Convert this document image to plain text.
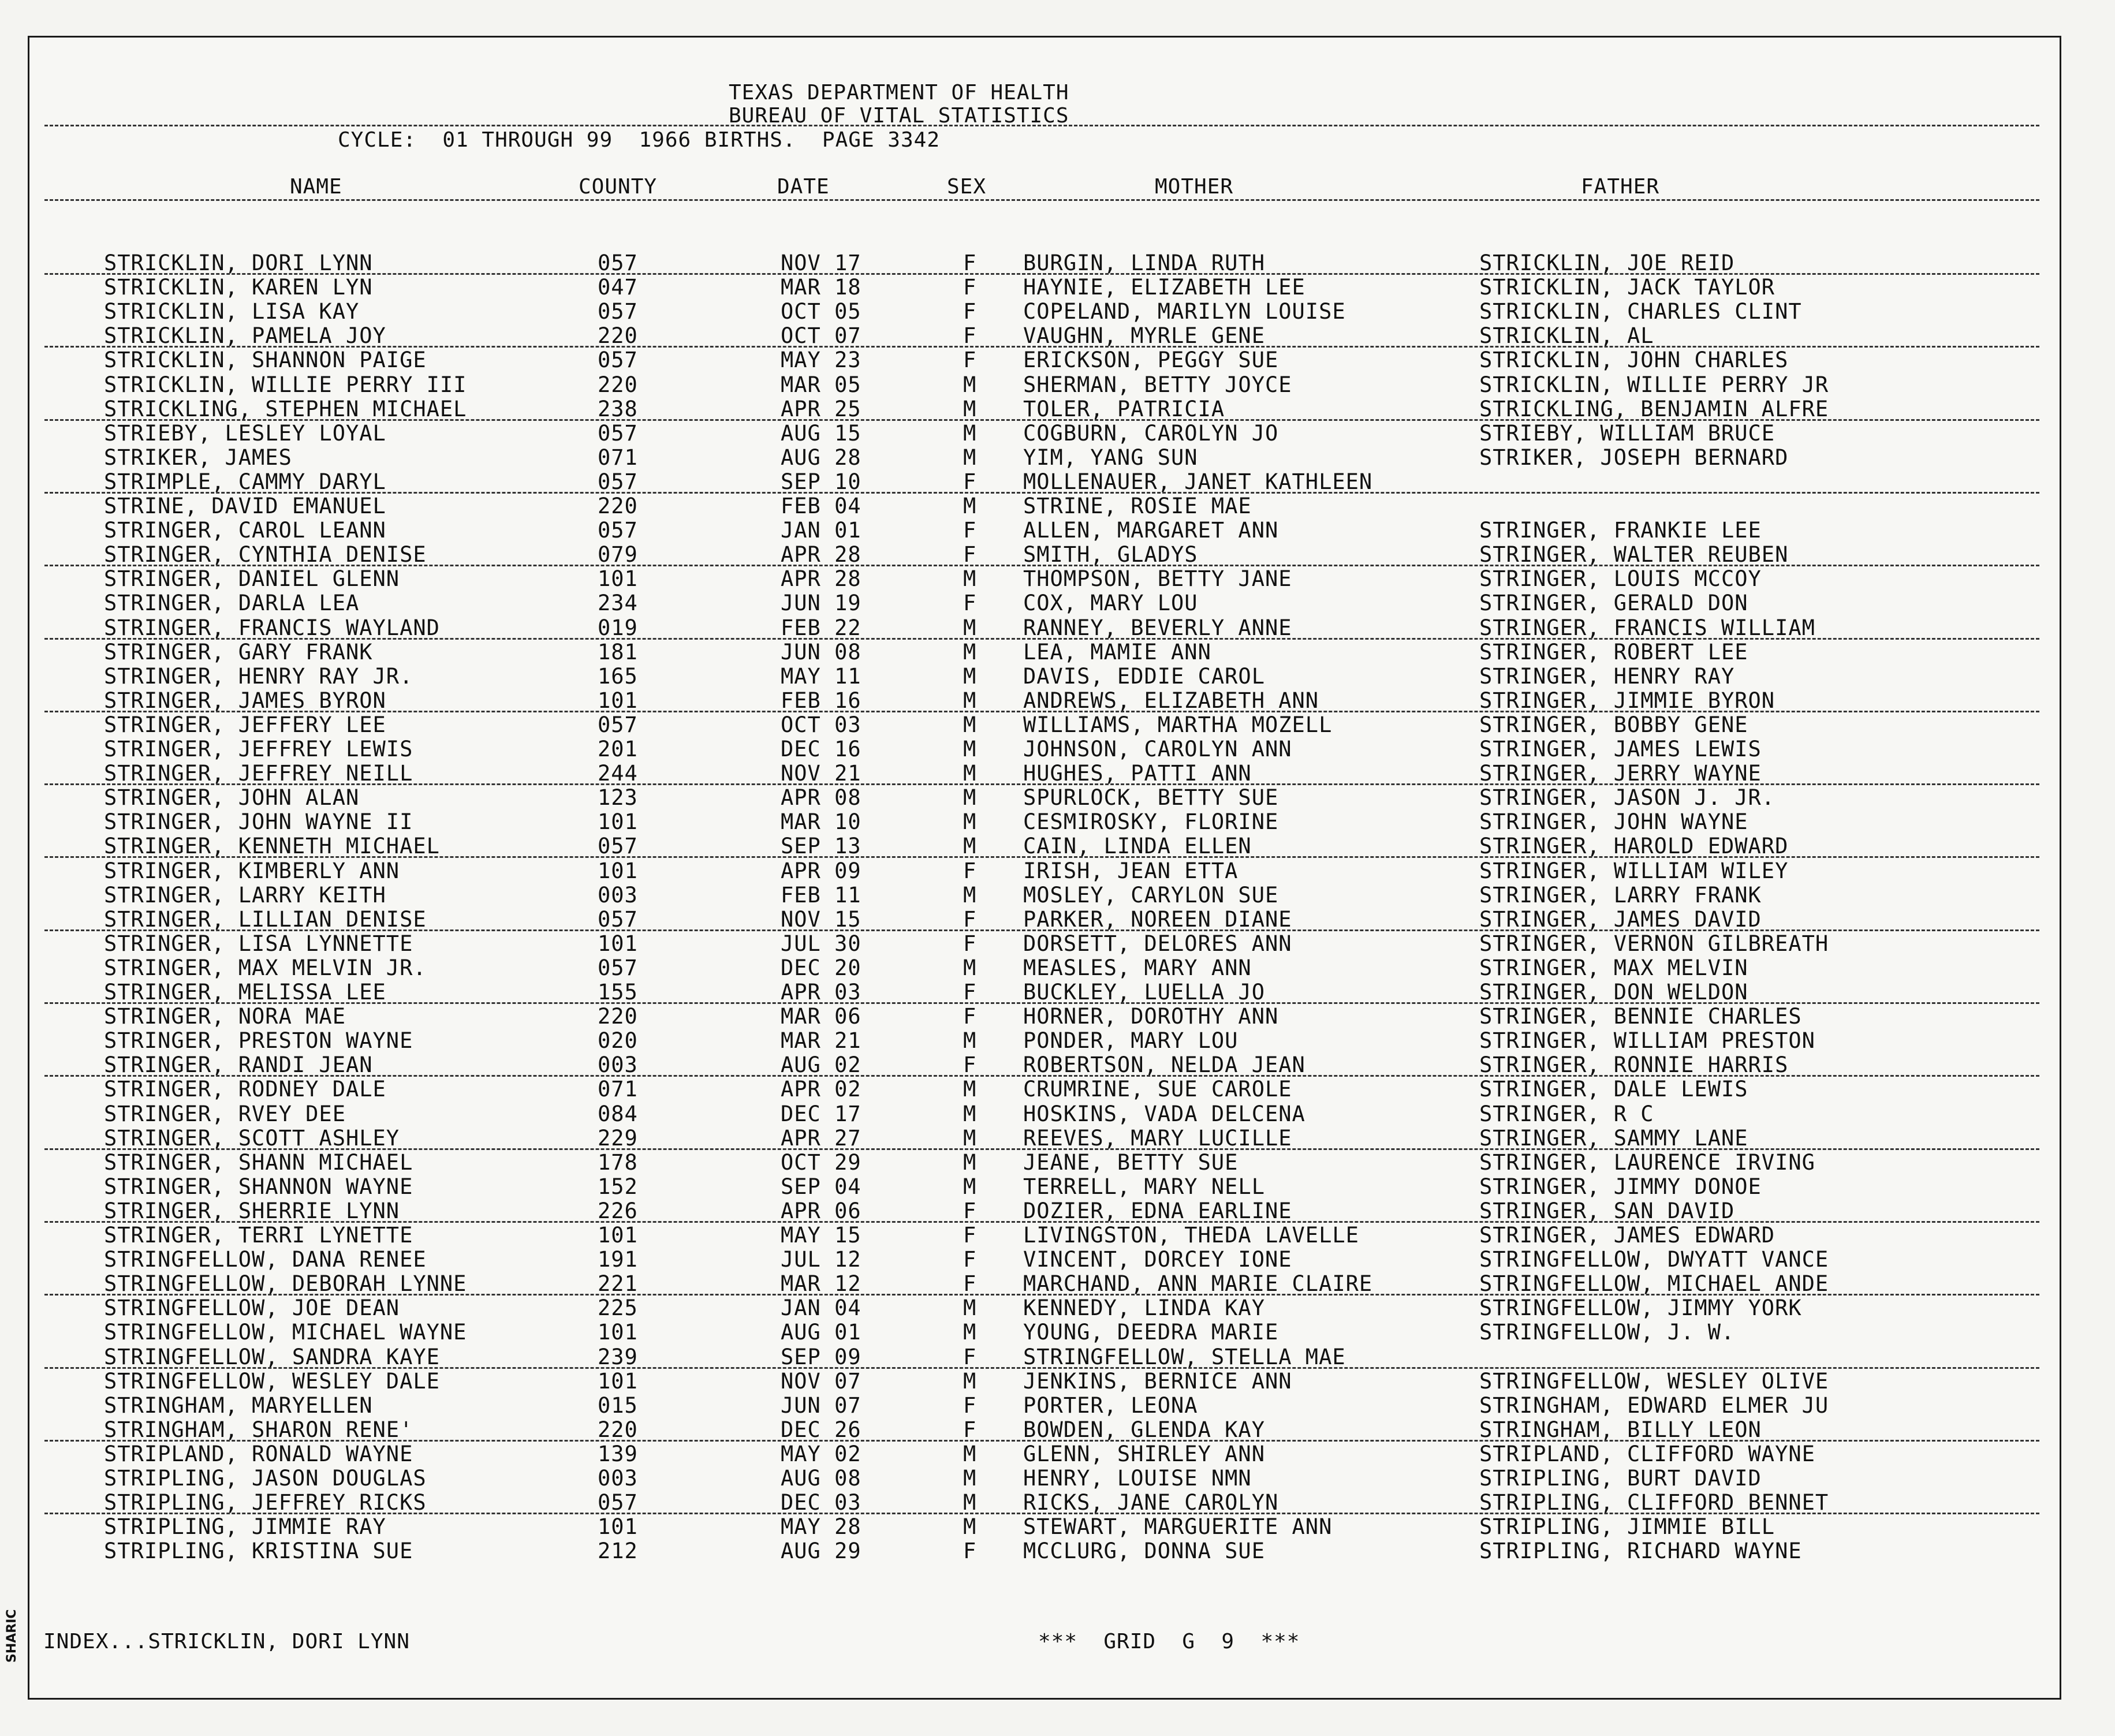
TEXAS DEPARTMENT OF HEALTH
BUREAU OF VITAL STATISTICS
CYCLE:  01 THROUGH 99  1966 BIRTHS.  PAGE 3342
NAME	COUNTY	DATE	SEX	MOTHER	FATHER
STRICKLIN, DORI LYNN	057	NOV 17	F BURGIN, LINDA RUTH	STRICKLIN, JOE REID
STRICKLIN, KAREN LYN	047	MAR 18	F HAYNIE, ELIZABETH LEE	STRICKLIN, JACK TAYLOR
STRICKLIN, LISA KAY	057	OCT 05	F COPELAND, MARILYN LOUISE	STRICKLIN, CHARLES CLINT
STRICKLIN, PAMELA JOY	220	OCT 07	F VAUGHN, MYRLE GENE	STRICKLIN, AL
STRICKLIN, SHANNON PAIGE	057	MAY 23	F ERICKSON, PEGGY SUE	STRICKLIN, JOHN CHARLES
STRICKLIN, WILLIE PERRY III	220	MAR 05	M SHERMAN, BETTY JOYCE	STRICKLIN, WILLIE PERRY JR
STRICKLING, STEPHEN MICHAEL	238	APR 25	M TOLER, PATRICIA	STRICKLING, BENJAMIN ALFRE
STRIEBY, LESLEY LOYAL	057	AUG 15	M COGBURN, CAROLYN JO	STRIEBY, WILLIAM BRUCE
STRIKER, JAMES	071	AUG 28	M YIM, YANG SUN	STRIKER, JOSEPH BERNARD
STRIMPLE, CAMMY DARYL	057	SEP 10	F MOLLENAUER, JANET KATHLEEN
STRINE, DAVID EMANUEL	220	FEB 04	M STRINE, ROSIE MAE
STRINGER, CAROL LEANN	057	JAN 01	F ALLEN, MARGARET ANN	STRINGER, FRANKIE LEE
STRINGER, CYNTHIA DENISE	079	APR 28	F SMITH, GLADYS	STRINGER, WALTER REUBEN
STRINGER, DANIEL GLENN	101	APR 28	M THOMPSON, BETTY JANE	STRINGER, LOUIS MCCOY
STRINGER, DARLA LEA	234	JUN 19	F COX, MARY LOU	STRINGER, GERALD DON
STRINGER, FRANCIS WAYLAND	019	FEB 22	M RANNEY, BEVERLY ANNE	STRINGER, FRANCIS WILLIAM
STRINGER, GARY FRANK	181	JUN 08	M LEA, MAMIE ANN	STRINGER, ROBERT LEE
STRINGER, HENRY RAY JR.	165	MAY 11	M DAVIS, EDDIE CAROL	STRINGER, HENRY RAY
STRINGER, JAMES BYRON	101	FEB 16	M ANDREWS, ELIZABETH ANN	STRINGER, JIMMIE BYRON
STRINGER, JEFFERY LEE	057	OCT 03	M WILLIAMS, MARTHA MOZELL	STRINGER, BOBBY GENE
STRINGER, JEFFREY LEWIS	201	DEC 16	M JOHNSON, CAROLYN ANN	STRINGER, JAMES LEWIS
STRINGER, JEFFREY NEILL	244	NOV 21	M HUGHES, PATTI ANN	STRINGER, JERRY WAYNE
STRINGER, JOHN ALAN	123	APR 08	M SPURLOCK, BETTY SUE	STRINGER, JASON J. JR.
STRINGER, JOHN WAYNE II	101	MAR 10	M CESMIROSKY, FLORINE	STRINGER, JOHN WAYNE
STRINGER, KENNETH MICHAEL	057	SEP 13	M CAIN, LINDA ELLEN	STRINGER, HAROLD EDWARD
STRINGER, KIMBERLY ANN	101	APR 09	F IRISH, JEAN ETTA	STRINGER, WILLIAM WILEY
STRINGER, LARRY KEITH	003	FEB 11	M MOSLEY, CARYLON SUE	STRINGER, LARRY FRANK
STRINGER, LILLIAN DENISE	057	NOV 15	F PARKER, NOREEN DIANE	STRINGER, JAMES DAVID
STRINGER, LISA LYNNETTE	101	JUL 30	F DORSETT, DELORES ANN	STRINGER, VERNON GILBREATH
STRINGER, MAX MELVIN JR.	057	DEC 20	M MEASLES, MARY ANN	STRINGER, MAX MELVIN
STRINGER, MELISSA LEE	155	APR 03	F BUCKLEY, LUELLA JO	STRINGER, DON WELDON
STRINGER, NORA MAE	220	MAR 06	F HORNER, DOROTHY ANN	STRINGER, BENNIE CHARLES
STRINGER, PRESTON WAYNE	020	MAR 21	M PONDER, MARY LOU	STRINGER, WILLIAM PRESTON
STRINGER, RANDI JEAN	003	AUG 02	F ROBERTSON, NELDA JEAN	STRINGER, RONNIE HARRIS
STRINGER, RODNEY DALE	071	APR 02	M CRUMRINE, SUE CAROLE	STRINGER, DALE LEWIS
STRINGER, RVEY DEE	084	DEC 17	M HOSKINS, VADA DELCENA	STRINGER, R C
STRINGER, SCOTT ASHLEY	229	APR 27	M REEVES, MARY LUCILLE	STRINGER, SAMMY LANE
STRINGER, SHANN MICHAEL	178	OCT 29	M JEANE, BETTY SUE	STRINGER, LAURENCE IRVING
STRINGER, SHANNON WAYNE	152	SEP 04	M TERRELL, MARY NELL	STRINGER, JIMMY DONOE
STRINGER, SHERRIE LYNN	226	APR 06	F DOZIER, EDNA EARLINE	STRINGER, SAN DAVID
STRINGER, TERRI LYNETTE	101	MAY 15	F LIVINGSTON, THEDA LAVELLE	STRINGER, JAMES EDWARD
STRINGFELLOW, DANA RENEE	191	JUL 12	F VINCENT, DORCEY IONE	STRINGFELLOW, DWYATT VANCE
STRINGFELLOW, DEBORAH LYNNE	221	MAR 12	F MARCHAND, ANN MARIE CLAIRE	STRINGFELLOW, MICHAEL ANDE
STRINGFELLOW, JOE DEAN	225	JAN 04	M KENNEDY, LINDA KAY	STRINGFELLOW, JIMMY YORK
STRINGFELLOW, MICHAEL WAYNE	101	AUG 01	M YOUNG, DEEDRA MARIE	STRINGFELLOW, J. W.
STRINGFELLOW, SANDRA KAYE	239	SEP 09	F STRINGFELLOW, STELLA MAE
STRINGFELLOW, WESLEY DALE	101	NOV 07	M JENKINS, BERNICE ANN	STRINGFELLOW, WESLEY OLIVE
STRINGHAM, MARYELLEN	015	JUN 07	F PORTER, LEONA	STRINGHAM, EDWARD ELMER JU
STRINGHAM, SHARON RENE'	220	DEC 26	F BOWDEN, GLENDA KAY	STRINGHAM, BILLY LEON
STRIPLAND, RONALD WAYNE	139	MAY 02	M GLENN, SHIRLEY ANN	STRIPLAND, CLIFFORD WAYNE
STRIPLING, JASON DOUGLAS	003	AUG 08	M HENRY, LOUISE NMN	STRIPLING, BURT DAVID
STRIPLING, JEFFREY RICKS	057	DEC 03	M RICKS, JANE CAROLYN	STRIPLING, CLIFFORD BENNET
STRIPLING, JIMMIE RAY	101	MAY 28	M STEWART, MARGUERITE ANN	STRIPLING, JIMMIE BILL
STRIPLING, KRISTINA SUE	212	AUG 29	F MCCLURG, DONNA SUE	STRIPLING, RICHARD WAYNE
INDEX...STRICKLIN, DORI LYNN	***  GRID  G  9  ***
SHARIC
